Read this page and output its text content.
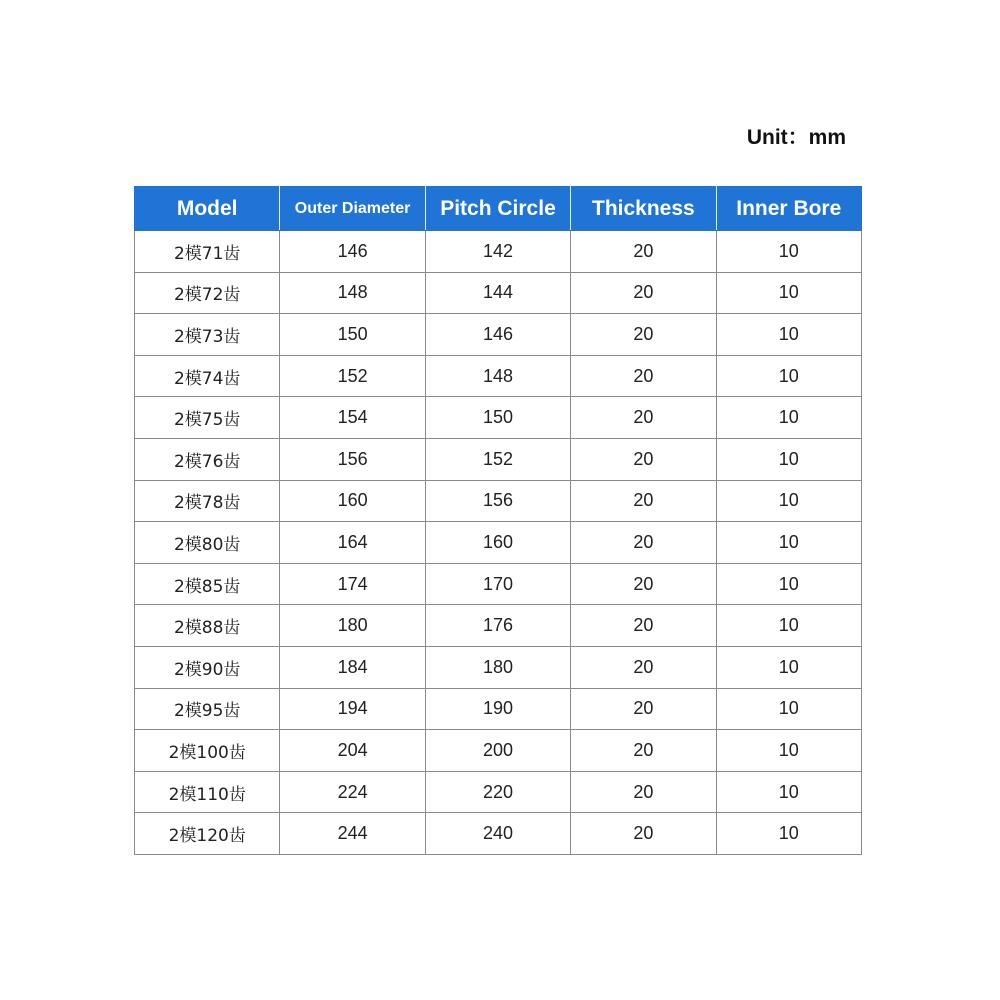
Unit：mm
Model	Outer Diameter	Pitch Circle	Thickness	Inner Bore
2模71齿	146	142	20	10
2模72齿	148	144	20	10
2模73齿	150	146	20	10
2模74齿	152	148	20	10
2模75齿	154	150	20	10
2模76齿	156	152	20	10
2模78齿	160	156	20	10
2模80齿	164	160	20	10
2模85齿	174	170	20	10
2模88齿	180	176	20	10
2模90齿	184	180	20	10
2模95齿	194	190	20	10
2模100齿	204	200	20	10
2模110齿	224	220	20	10
2模120齿	244	240	20	10
